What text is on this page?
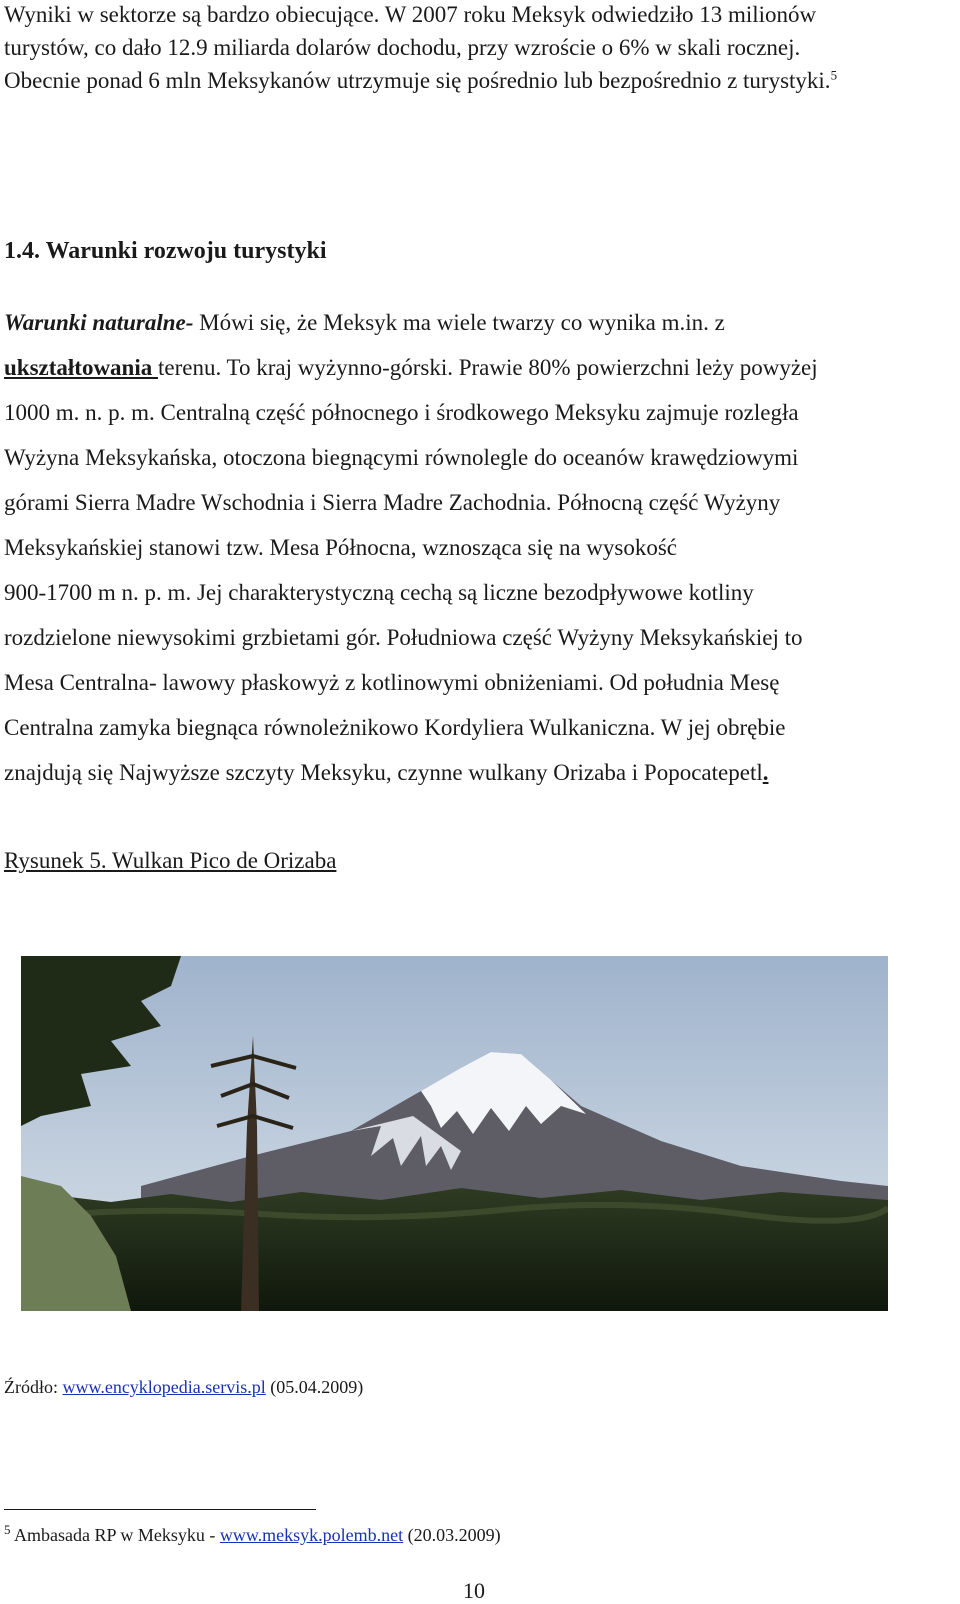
Wyniki w sektorze są bardzo obiecujące. W 2007 roku Meksyk odwiedziło 13 milionów
turystów, co dało 12.9 miliarda dolarów dochodu, przy wzroście o 6% w skali rocznej.
Obecnie ponad 6 mln Meksykanów utrzymuje się pośrednio lub bezpośrednio z turystyki.$^5$
1.4. Warunki rozwoju turystyki
Warunki naturalne- Mówi się, że Meksyk ma wiele twarzy co wynika m.in. z
ukształtowania terenu. To kraj wyżynno-górski. Prawie 80% powierzchni leży powyżej
1000 m. n. p. m. Centralną część północnego i środkowego Meksyku zajmuje rozległa
Wyżyna Meksykańska, otoczona biegnącymi równolegle do oceanów krawędziowymi
górami Sierra Madre Wschodnia i Sierra Madre Zachodnia. Północną część Wyżyny
Meksykańskiej stanowi tzw. Mesa Północna, wznosząca się na wysokość
900-1700 m n. p. m. Jej charakterystyczną cechą są liczne bezodpływowe kotliny
rozdzielone niewysokimi grzbietami gór. Południowa część Wyżyny Meksykańskiej to
Mesa Centralna- lawowy płaskowyż z kotlinowymi obniżeniami. Od południa Mesę
Centralna zamyka biegnąca równoleżnikowo Kordyliera Wulkaniczna. W jej obrębie
znajdują się Najwyższe szczyty Meksyku, czynne wulkany Orizaba i Popocatepetl.
Rysunek 5. Wulkan Pico de Orizaba
Źródło: www.encyklopedia.servis.pl (05.04.2009)
$^5$ Ambasada RP w Meksyku - www.meksyk.polemb.net (20.03.2009)
10
